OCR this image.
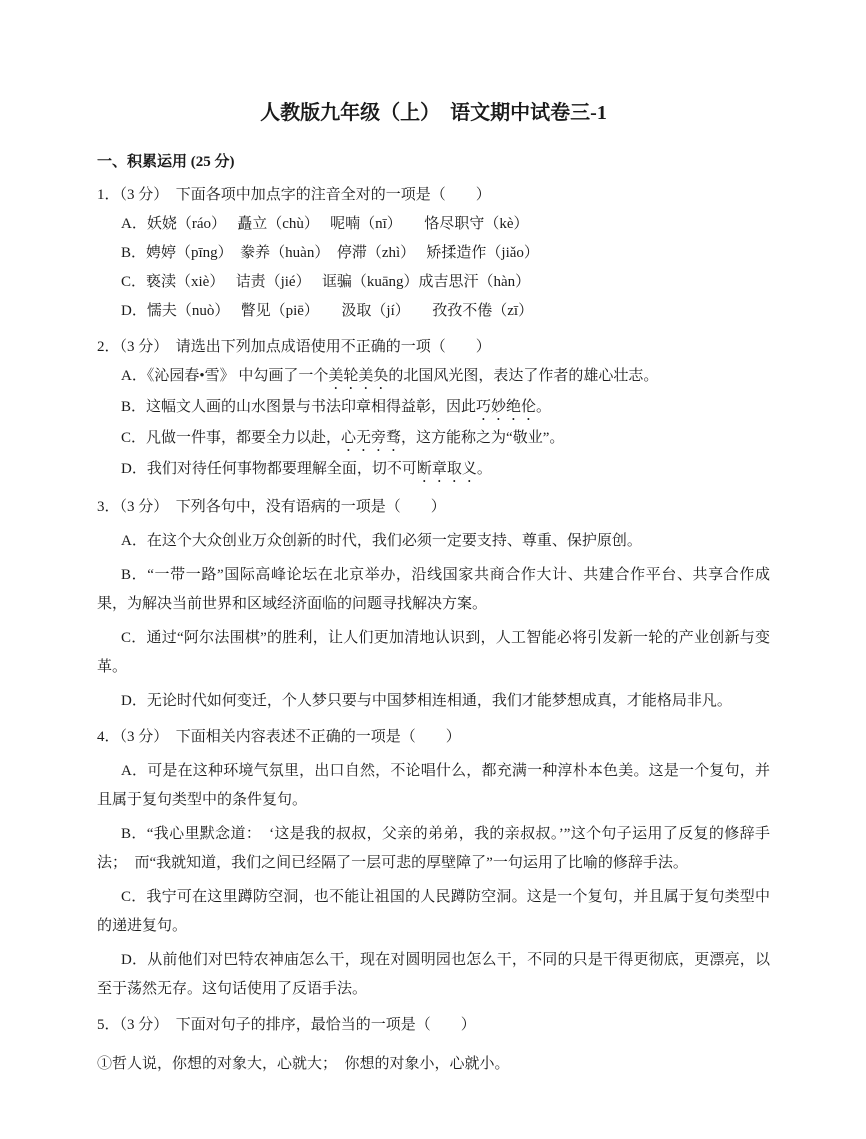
人教版九年级（上）　语文期中试卷三-1
一、积累运用 (25 分)

1．（3 分）　下面各项中加点字的注音全对的一项是（　　）

A．妖娆（ráo）　 矗立（chù）　 呢喃（nī）　　恪尽职守（kè）

B．娉婷（pīng）　豢养（huàn）　停滞（zhì）　 矫揉造作（jiǎo）

C．亵渎（xiè）　 诘责（jié）　 诓骗（kuāng）成吉思汗（hàn）

D．懦夫（nuò）　 瞥见（piē）　　汲取（jí）　　孜孜不倦（zī）

2．（3 分）　请选出下列加点成语使用不正确的一项（　　）

A．《沁园春•雪》 中勾画了一个美轮美奂的北国风光图，表达了作者的雄心壮志。

B．这幅文人画的山水图景与书法印章相得益彰，因此巧妙绝伦。

C．凡做一件事，都要全力以赴，心无旁骛，这方能称之为“敬业”。

D．我们对待任何事物都要理解全面，切不可断章取义。

3．（3 分）　下列各句中，没有语病的一项是（　　）

A．在这个大众创业万众创新的时代，我们必须一定要支持、尊重、保护原创。

B．“一带一路”国际高峰论坛在北京举办，沿线国家共商合作大计、共建合作平台、共享合作成果，为解决当前世界和区域经济面临的问题寻找解决方案。

C．通过“阿尔法围棋”的胜利，让人们更加清地认识到，人工智能必将引发新一轮的产业创新与变革。

D．无论时代如何变迁，个人梦只要与中国梦相连相通，我们才能梦想成真，才能格局非凡。

4．（3 分）　下面相关内容表述不正确的一项是（　　）

A．可是在这种环境气氛里，出口自然，不论唱什么，都充满一种淳朴本色美。这是一个复句，并且属于复句类型中的条件复句。

B．“我心里默念道：　‘这是我的叔叔，父亲的弟弟，我的亲叔叔。’”这个句子运用了反复的修辞手法；　而“我就知道，我们之间已经隔了一层可悲的厚壁障了”一句运用了比喻的修辞手法。

C．我宁可在这里蹲防空洞，也不能让祖国的人民蹲防空洞。这是一个复句，并且属于复句类型中的递进复句。

D．从前他们对巴特农神庙怎么干，现在对圆明园也怎么干，不同的只是干得更彻底，更漂亮，以至于荡然无存。这句话使用了反语手法。

5．（3 分）　下面对句子的排序，最恰当的一项是（　　）

①哲人说，你想的对象大，心就大；　你想的对象小，心就小。
